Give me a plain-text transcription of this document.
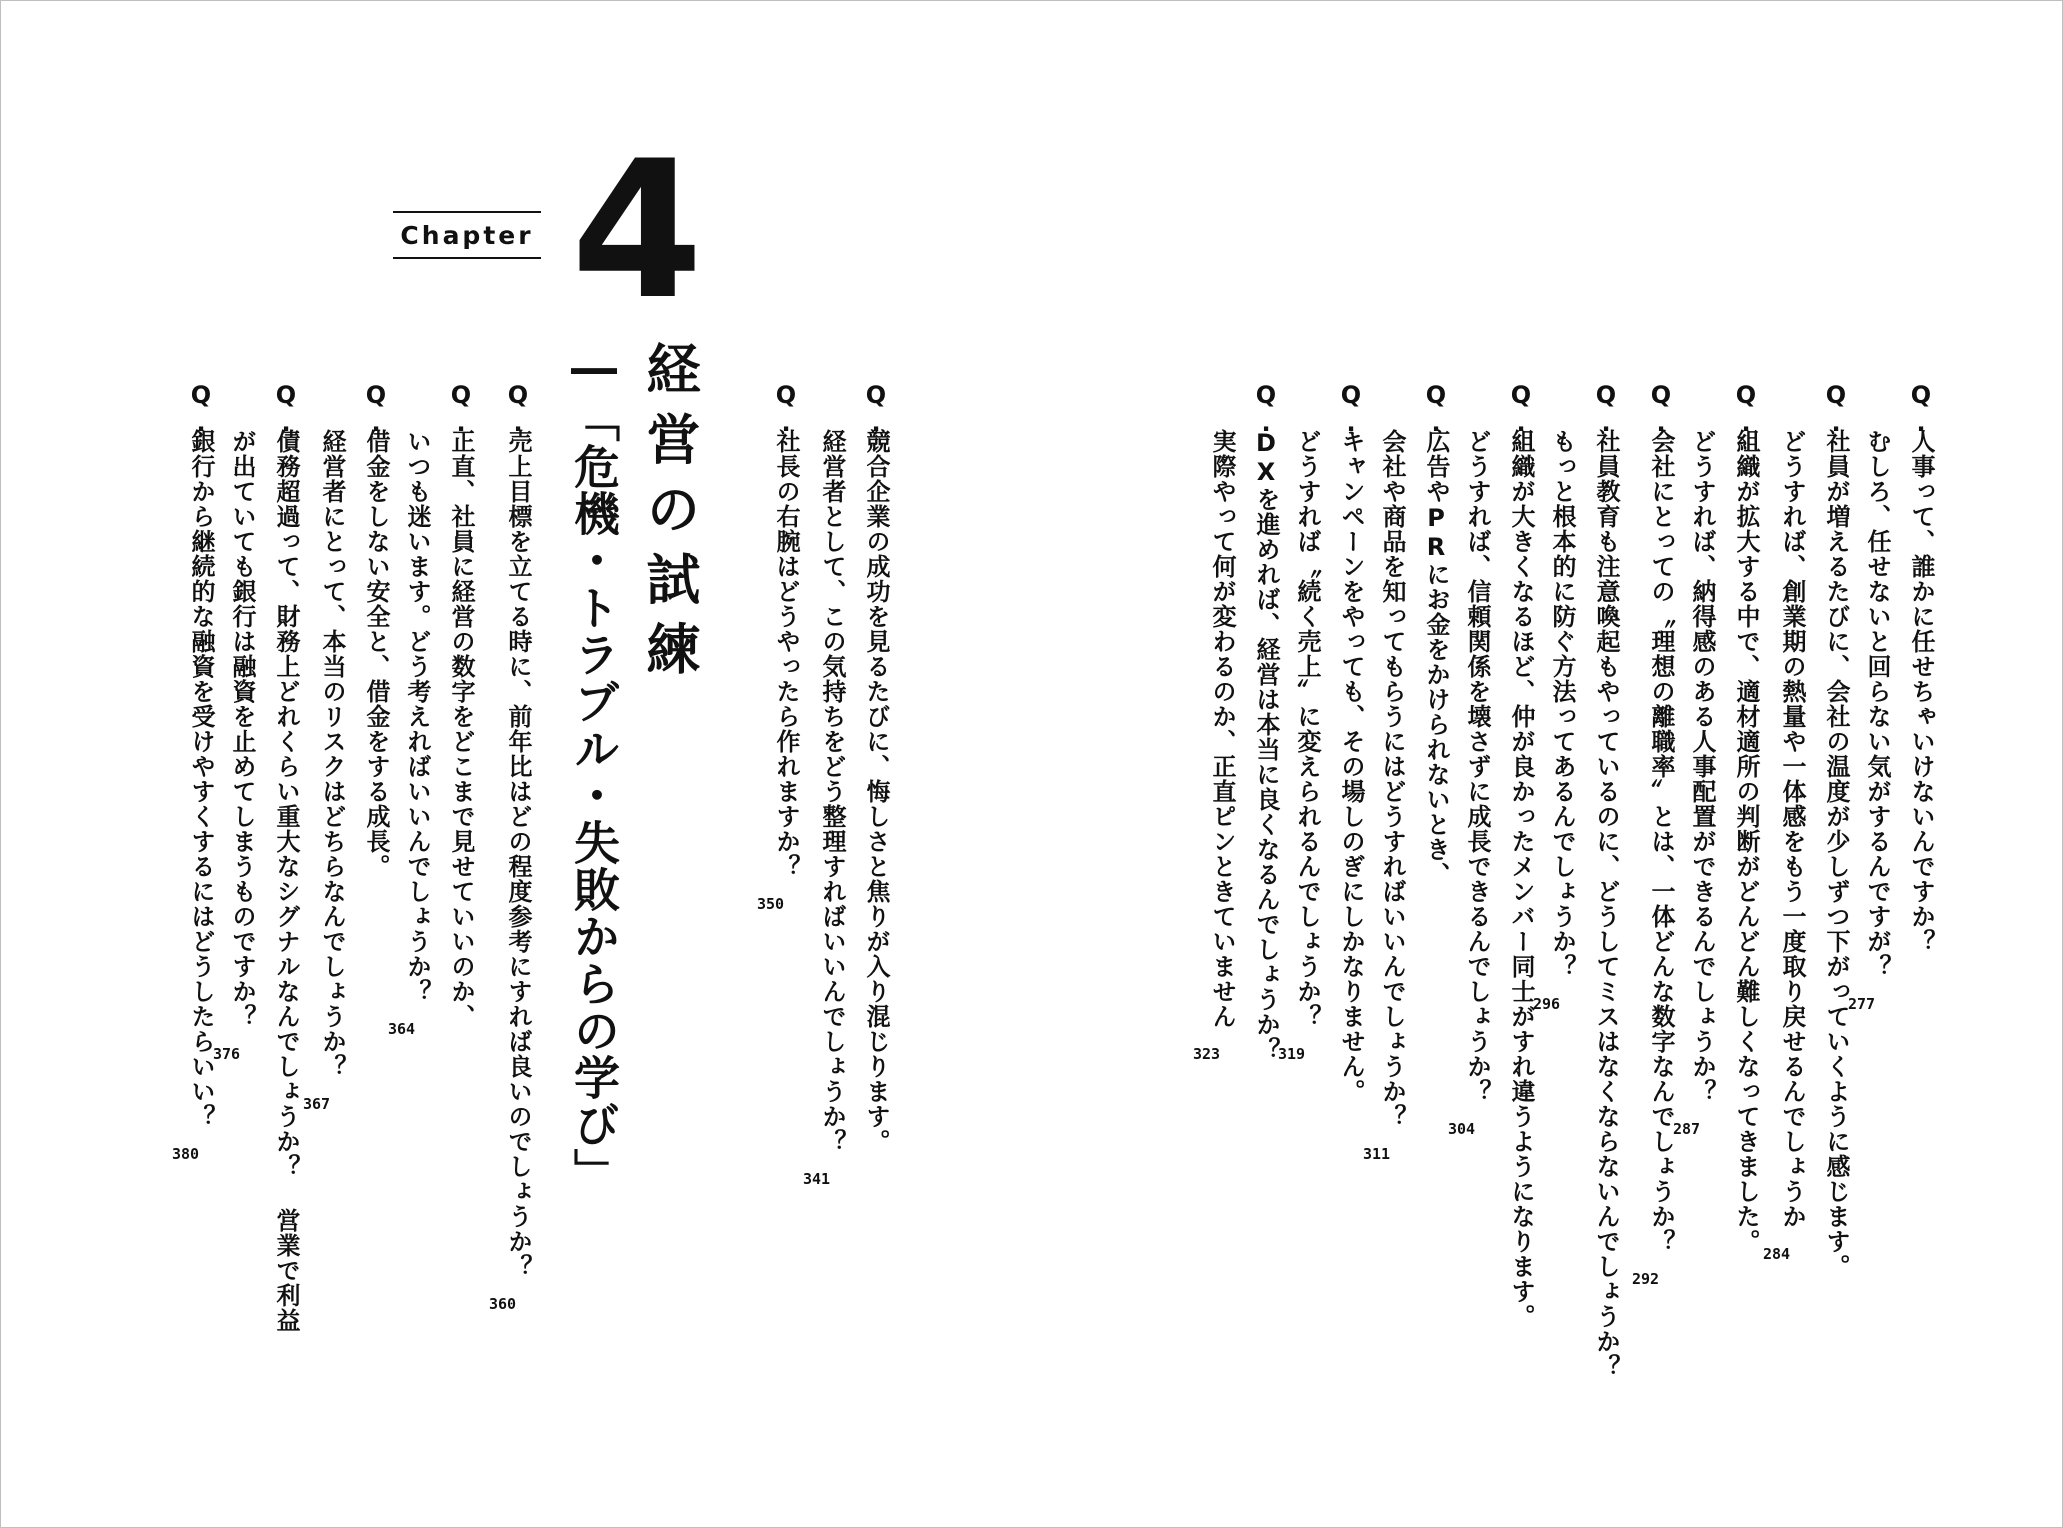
Chapter 4
経営の試練
―「危機・トラブル・失敗からの学び」	Q.
人事って、誰かに任せちゃいけないんですか？
むしろ、任せないと回らない気がするんですが？
277
Q.
社員が増えるたびに、会社の温度が少しずつ下がっていくように感じます。
どうすれば、創業期の熱量や一体感をもう一度取り戻せるんでしょうか
284
Q.
組織が拡大する中で、適材適所の判断がどんどん難しくなってきました。
どうすれば、納得感のある人事配置ができるんでしょうか？
287
Q.
会社にとっての〝理想の離職率〟とは、一体どんな数字なんでしょうか？
292
Q.
社員教育も注意喚起もやっているのに、どうしてミスはなくならないんでしょうか？
もっと根本的に防ぐ方法ってあるんでしょうか？
296
Q.
組織が大きくなるほど、仲が良かったメンバー同士がすれ違うようになります。
どうすれば、信頼関係を壊さずに成長できるんでしょうか？
304
Q.
広告やPRにお金をかけられないとき、
会社や商品を知ってもらうにはどうすればいいんでしょうか？
311
Q.
キャンペーンをやっても、その場しのぎにしかなりません。
どうすれば〝続く売上〟に変えられるんでしょうか？
319
Q.
DXを進めれば、経営は本当に良くなるんでしょうか？
実際やって何が変わるのか、正直ピンときていません
323
Q.
競合企業の成功を見るたびに、悔しさと焦りが入り混じります。
経営者として、この気持ちをどう整理すればいいんでしょうか？
341
Q.
社長の右腕はどうやったら作れますか？
350
Q.
売上目標を立てる時に、前年比はどの程度参考にすれば良いのでしょうか？
360
Q.
正直、社員に経営の数字をどこまで見せていいのか、
いつも迷います。どう考えればいいんでしょうか？
364
Q.
借金をしない安全と、借金をする成長。
経営者にとって、本当のリスクはどちらなんでしょうか？
367
Q.
債務超過って、財務上どれくらい重大なシグナルなんでしょうか？ 営業で利益
が出ていても銀行は融資を止めてしまうものですか？
376
Q.
銀行から継続的な融資を受けやすくするにはどうしたらいい？
380
